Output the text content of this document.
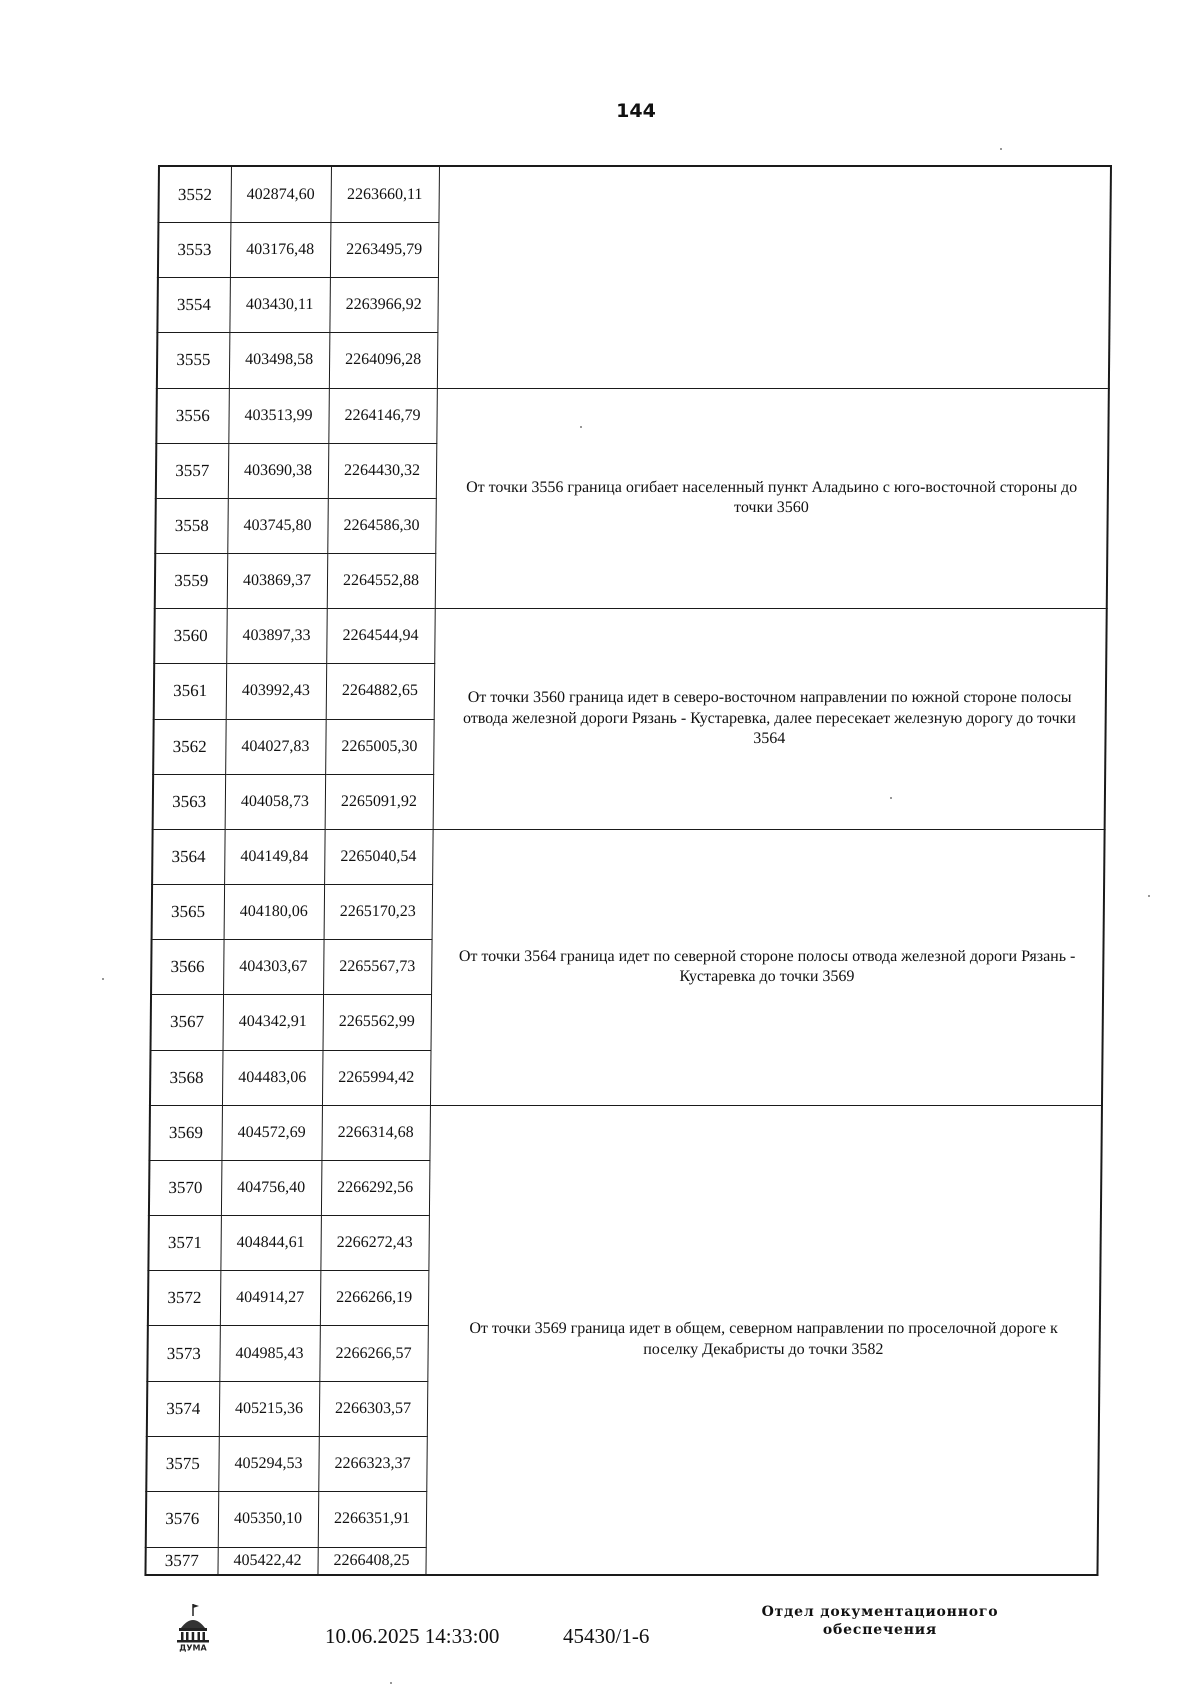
144
3552	402874,60	2263660,11	
3553	403176,48	2263495,79	
3554	403430,11	2263966,92	
3555	403498,58	2264096,28	
3556	403513,99	2264146,79	От точки 3556 граница огибает населенный пункт Аладьино с юго-восточной стороны до точки 3560
3557	403690,38	2264430,32	
3558	403745,80	2264586,30	
3559	403869,37	2264552,88	
3560	403897,33	2264544,94	От точки 3560 граница идет в северо-восточном направлении по южной стороне полосы отвода железной дороги Рязань - Кустаревка, далее пересекает железную дорогу до точки 3564
3561	403992,43	2264882,65	
3562	404027,83	2265005,30	
3563	404058,73	2265091,92	
3564	404149,84	2265040,54	От точки 3564 граница идет по северной стороне полосы отвода железной дороги Рязань - Кустаревка до точки 3569
3565	404180,06	2265170,23	
3566	404303,67	2265567,73	
3567	404342,91	2265562,99	
3568	404483,06	2265994,42	
3569	404572,69	2266314,68	От точки 3569 граница идет в общем, северном направлении по проселочной дороге к поселку Декабристы до точки 3582
3570	404756,40	2266292,56	
3571	404844,61	2266272,43	
3572	404914,27	2266266,19	
3573	404985,43	2266266,57	
3574	405215,36	2266303,57	
3575	405294,53	2266323,37	
3576	405350,10	2266351,91	
3577	405422,42	2266408,25	
ДУМА	10.06.2025 14:33:00	45430/1-6
Отдел документационного обеспечения
